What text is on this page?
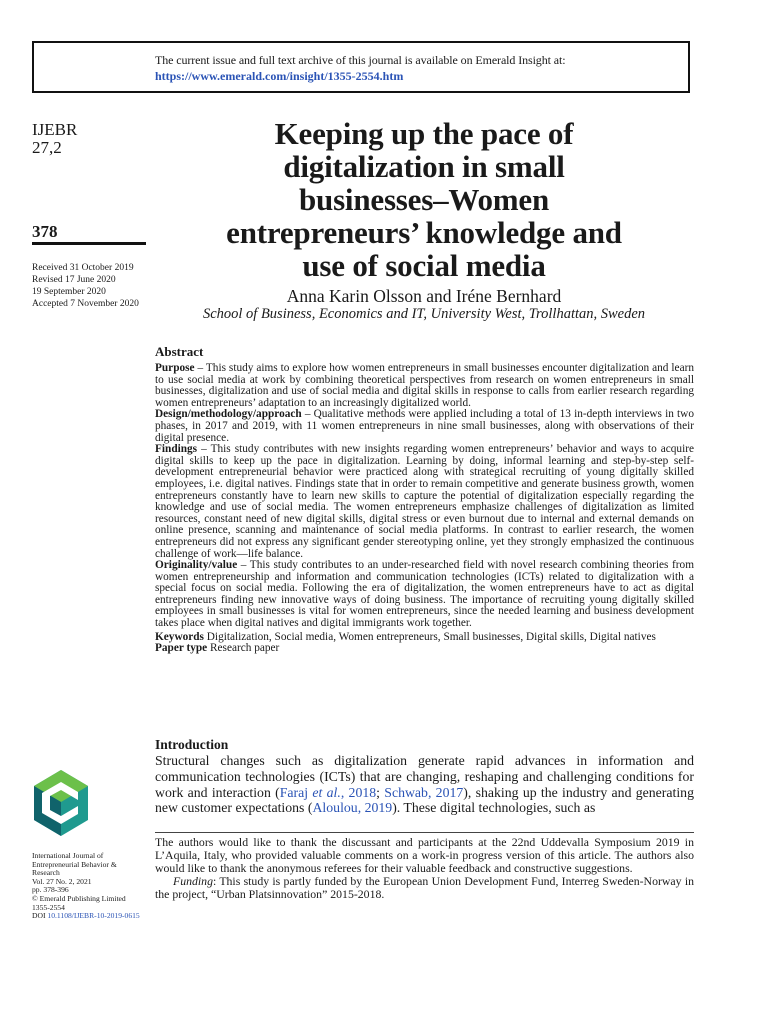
The current issue and full text archive of this journal is available on Emerald Insight at:
https://www.emerald.com/insight/1355-2554.htm
IJEBR
27,2
378
Received 31 October 2019
Revised 17 June 2020
19 September 2020
Accepted 7 November 2020
Keeping up the pace of
digitalization in small
businesses–Women
entrepreneurs’ knowledge and
use of social media
Anna Karin Olsson and Iréne Bernhard
School of Business, Economics and IT, University West, Trollhattan, Sweden
Abstract

Purpose – This study aims to explore how women entrepreneurs in small businesses encounter digitalization and learn to use social media at work by combining theoretical perspectives from research on women entrepreneurs in small businesses, digitalization and use of social media and digital skills in response to calls from earlier research regarding women entrepreneurs’ adaptation to an increasingly digitalized world.

Design/methodology/approach – Qualitative methods were applied including a total of 13 in-depth interviews in two phases, in 2017 and 2019, with 11 women entrepreneurs in nine small businesses, along with observations of their digital presence.

Findings – This study contributes with new insights regarding women entrepreneurs’ behavior and ways to acquire digital skills to keep up the pace in digitalization. Learning by doing, informal learning and step-by-step self-development entrepreneurial behavior were practiced along with strategical recruiting of young digitally skilled employees, i.e. digital natives. Findings state that in order to remain competitive and generate business growth, women entrepreneurs constantly have to learn new skills to capture the potential of digitalization especially regarding the knowledge and use of social media. The women entrepreneurs emphasize challenges of digitalization as limited resources, constant need of new digital skills, digital stress or even burnout due to internal and external demands on online presence, scanning and maintenance of social media platforms. In contrast to earlier research, the women entrepreneurs did not express any significant gender stereotyping online, yet they strongly emphasized the continuous challenge of work—life balance.

Originality/value – This study contributes to an under-researched field with novel research combining theories from women entrepreneurship and information and communication technologies (ICTs) related to digitalization with a special focus on social media. Following the era of digitalization, the women entrepreneurs have to act as digital entrepreneurs finding new innovative ways of doing business. The importance of recruiting young digitally skilled employees in small businesses is vital for women entrepreneurs, since the needed learning and business development takes place when digital natives and digital immigrants work together.

Keywords Digitalization, Social media, Women entrepreneurs, Small businesses, Digital skills, Digital natives

Paper type Research paper

Introduction

Structural changes such as digitalization generate rapid advances in information and communication technologies (ICTs) that are changing, reshaping and challenging conditions for work and interaction (Faraj et al., 2018; Schwab, 2017), shaking up the industry and generating new customer expectations (Aloulou, 2019). These digital technologies, such as

The authors would like to thank the discussant and participants at the 22nd Uddevalla Symposium 2019 in L’Aquila, Italy, who provided valuable comments on a work-in progress version of this article. The authors also would like to thank the anonymous referees for their valuable feedback and constructive suggestions.

Funding: This study is partly funded by the European Union Development Fund, Interreg Sweden-Norway in the project, “Urban Platsinnovation” 2015-2018.

International Journal of
Entrepreneurial Behavior &
Research
Vol. 27 No. 2, 2021
pp. 378-396
© Emerald Publishing Limited
1355-2554
DOI 10.1108/IJEBR-10-2019-0615
